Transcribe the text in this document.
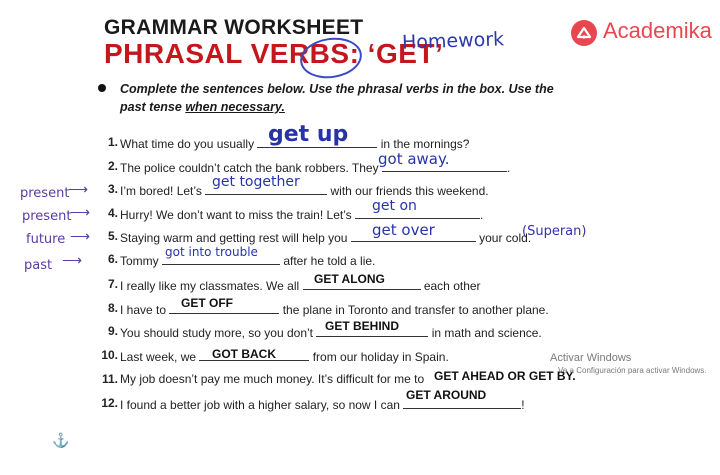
GRAMMAR WORKSHEET
PHRASAL VERBS: ‘GET’
Homework	Academika
Complete the sentences below. Use the phrasal verbs in the box. Use the past tense when necessary.
1. What time do you usually	in the mornings?
get up
2. The police couldn’t catch the bank robbers. They	.
got away.
3. I’m bored! Let’s	with our friends this weekend.
get together
4. Hurry! We don’t want to miss the train! Let’s	.
get on
5. Staying warm and getting rest will help you	your cold.
get over	(Superan)
6. Tommy	after he told a lie.
got into trouble
7. I really like my classmates. We all	each other
GET ALONG
8. I have to	the plane in Toronto and transfer to another plane.
GET OFF
9. You should study more, so you don’t	in math and science.
GET BEHIND
10. Last week, we	from our holiday in Spain.
GOT BACK
11. My job doesn’t pay me much money. It’s difficult for me to GET AHEAD OR GET BY.
12. I found a better job with a higher salary, so now I can	!
GET AROUND
present
⟶
present
⟶
future ⟶
past ⟶
Activar Windows
Ve a Configuración para activar Windows.
⚓
